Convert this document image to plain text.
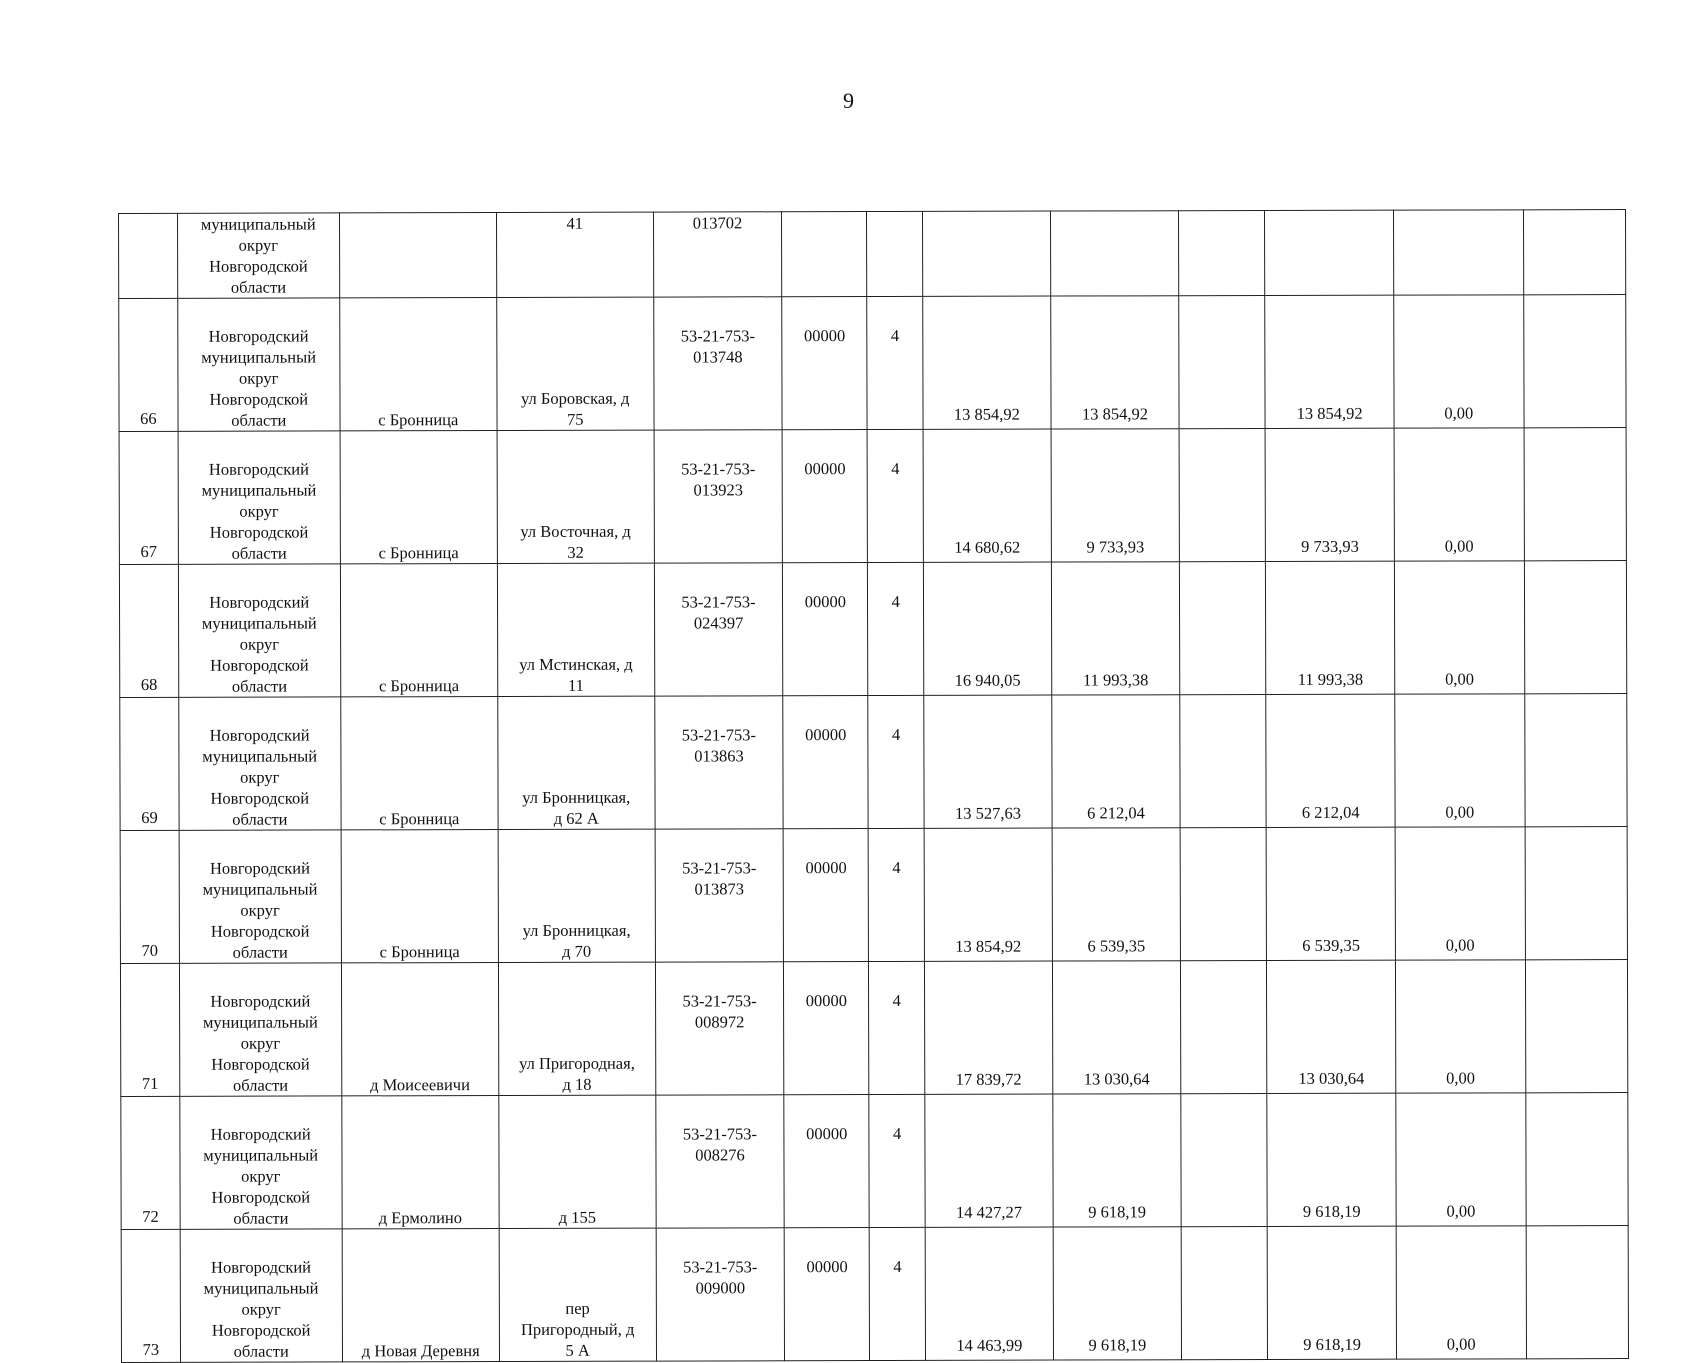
9

	муниципальный
округ
Новгородской
области		41	013702								
66	Новгородский
муниципальный
округ
Новгородской
области	с Бронница	ул Боровская, д
75	53-21-753-
013748	00000	4	13 854,92	13 854,92		13 854,92	0,00	
67	Новгородский
муниципальный
округ
Новгородской
области	с Бронница	ул Восточная, д
32	53-21-753-
013923	00000	4	14 680,62	9 733,93		9 733,93	0,00	
68	Новгородский
муниципальный
округ
Новгородской
области	с Бронница	ул Мстинская, д
11	53-21-753-
024397	00000	4	16 940,05	11 993,38		11 993,38	0,00	
69	Новгородский
муниципальный
округ
Новгородской
области	с Бронница	ул Бронницкая,
д 62 А	53-21-753-
013863	00000	4	13 527,63	6 212,04		6 212,04	0,00	
70	Новгородский
муниципальный
округ
Новгородской
области	с Бронница	ул Бронницкая,
д 70	53-21-753-
013873	00000	4	13 854,92	6 539,35		6 539,35	0,00	
71	Новгородский
муниципальный
округ
Новгородской
области	д Моисеевичи	ул Пригородная,
д 18	53-21-753-
008972	00000	4	17 839,72	13 030,64		13 030,64	0,00	
72	Новгородский
муниципальный
округ
Новгородской
области	д Ермолино	д 155	53-21-753-
008276	00000	4	14 427,27	9 618,19		9 618,19	0,00	
73	Новгородский
муниципальный
округ
Новгородской
области	д Новая Деревня	пер
Пригородный, д
5 А	53-21-753-
009000	00000	4	14 463,99	9 618,19		9 618,19	0,00	
